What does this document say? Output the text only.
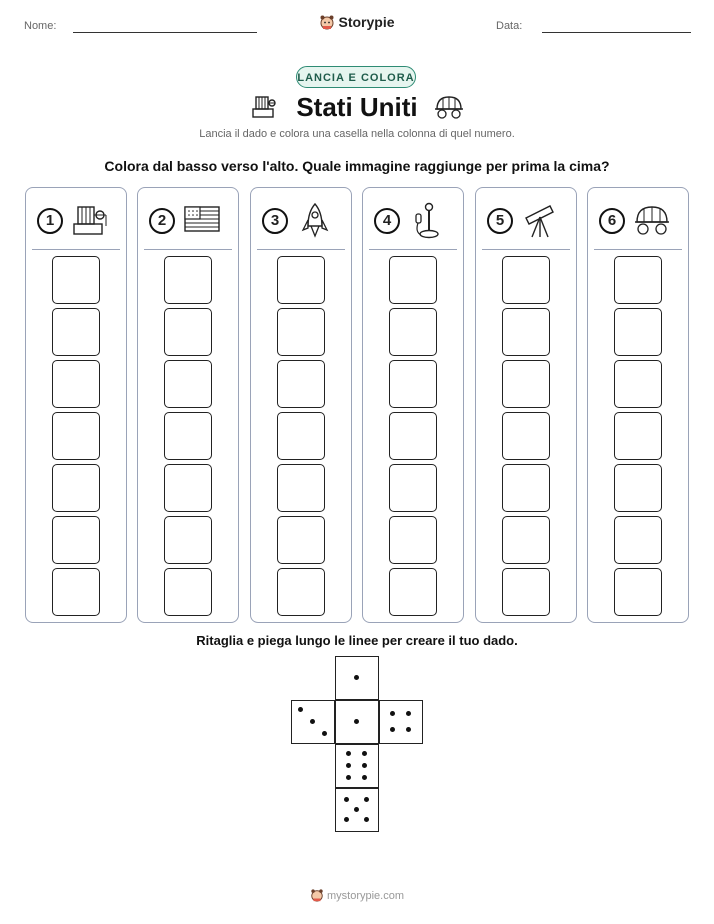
Nome:	Storypie	Data:
LANCIA E COLORA
Stati Uniti
Lancia il dado e colora una casella nella colonna di quel numero.
Colora dal basso verso l'alto. Quale immagine raggiunge per prima la cima?
1	2	3	4	5	6
Ritaglia e piega lungo le linee per creare il tuo dado.
mystorypie.com
